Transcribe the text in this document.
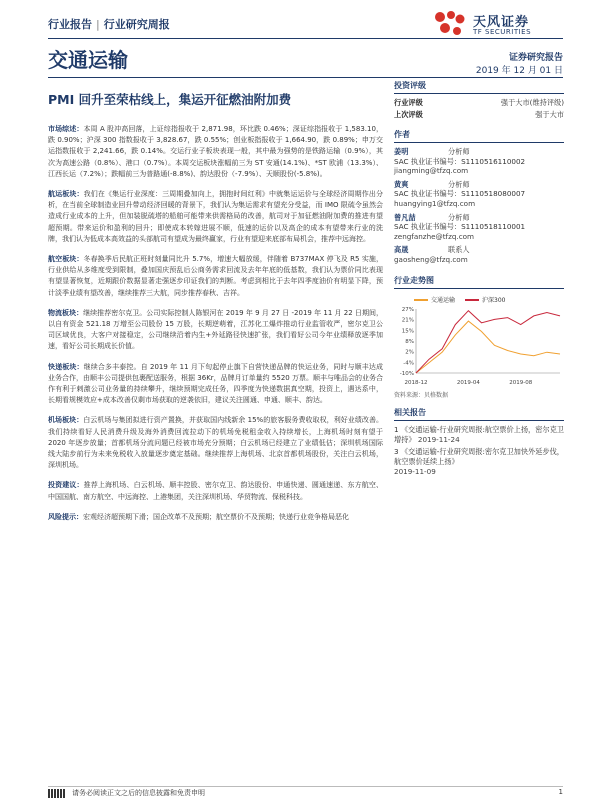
行业报告 | 行业研究周报	天风证券
TF SECURITIES
交通运输	证券研究报告
2019 年 12 月 01 日
PMI 回升至荣枯线上，集运开征燃油附加费

市场综述：本周 A 股冲高回落，上证综指报收于 2,871.98，环比跌 0.46%；深证综指报收于 1,583.10，跌 0.90%；沪深 300 指数报收于 3,828.67，跌 0.55%；创业板指报收于 1,664.90，跌 0.89%；申万交运指数报收于 2,241.66，跌 0.14%。交运行业子板块表现一般，其中最为强势的是铁路运输（0.9%），其次为高速公路（0.8%）、港口（0.7%）。本周交运板块涨幅前三为 ST 安通(14.1%)、*ST 欧浦（13.3%）、江西长运（7.2%）；跌幅前三为普路通(-8.8%)、韵达股份（-7.9%）、天顺股份(-5.8%)。

航运板块：我们在《集运行业深度：三周期叠加向上，拥抱时间红利》中就集运运价与全球经济周期作出分析，在当前全球制造业回升带动经济回暖的背景下，我们认为集运需求有望充分受益，而 IMO 限硫令虽然会造成行业成本的上升，但加装脱硫塔的船舶可能带来供需格局的改善，航司对于加征燃油附加费的推进有望超预期。带来运价和盈利的回升；即使成本转嫁进展不顺，低速的运价以及高企的成本有望带来行业的洗牌，我们认为低成本高效益的头部航司有望成为最终赢家，行业有望迎来底部布局机会，推荐中远海控。

航空板块：冬春换季后民航正班时刻量同比升 5.7%，增速大幅放缓，伴随着 B737MAX 停飞及 R5 实施，行业供给从多维度受到限制，叠加国庆预乱后公商务需求回流及去年年底的低基数，我们认为票价同比表现有望显著恢复，近期跟价数据显著走强逐步印证我们的判断。考虑到相比于去年四季度油价有明显下降，预计淡季业绩有望改善，继续推荐三大航，同步推荐春秋、吉祥。

物流板块：继续推荐密尔克卫。公司实际控制人陈银河在 2019 年 9 月 27 日 -2019 年 11 月 22 日期间，以自有资金 521.18 万增至公司股份 15 万股，长期逆萌着，江苏化工爆炸推动行业监管收严，密尔克卫公司区域优良，大客户对接稳定，公司继续沿着内生+外延路径快速扩张，我们看好公司今年业绩释放逐季加速，看好公司长期成长价值。

快递板块：继续合多丰泰控。自 2019 年 11 月下旬起停止旗下自营快递品牌的快运业务，同时与顺丰达成业务合作，由顺丰公司提供包裹配送服务，根据 36Kr，品牌月订单量约 5520 万票。顺丰与唯品会的业务合作有利于刺激公司业务量的持续攀升，继续预期完成任务，四季度为快递数据真空期，投资上，遇达系中，长期看规模效应+成本改善仅剩市场获取的逆袭依旧，建议关注圆通、申通、顺丰、韵达。

机场板块：白云机场与集团拟进行资产置换，并获取国内线新余 15%的旅客服务费收取权，利好业绩改善。我们持续看好人民消费升级及海外消费回流拉动下的机场免税租金收入持续增长，上海机场时刻有望于 2020 年逐步放量；首都机场分流问题已经被市场充分预期；白云机场已经建立了业绩低估；深圳机场国际线大陆步前行为未来免税收入放量逐步奠定基础。继续推荐上海机场、北京首都机场股份，关注白云机场，深圳机场。

投资建议：推荐上海机场、白云机场、顺丰控股、密尔克卫、韵达股份、申通快递、圆通速递、东方航空、中国国航、南方航空、中远海控、上港集团，关注深圳机场、华贸物流、保税科技。

风险提示：宏观经济超预期下滑；国企改革不及预期；航空票价不及预期；快递行业竞争格局恶化

投资评级
行业评级	强于大市(维持评级)
上次评级	强于大市
作者
姜明	分析师
SAC 执业证书编号：S1110516110002
jiangming@tfzq.com
黄爽	分析师
SAC 执业证书编号：S1110518080007
huangying1@tfzq.com
曾凡喆	分析师
SAC 执业证书编号：S1110518110001
zengfanzhe@tfzq.com
高晟	联系人
gaosheng@tfzq.com
行业走势图
交通运输	沪深300
-10%
-4%
2%
8%
15%
21%
27%
2018-12	2019-04	2019-08
资料来源：贝格数据
相关报告
1 《交通运输-行业研究周报:航空票价上扬，密尔克卫增持》 2019-11-24
3 《交通运输-行业研究周报:密尔克卫加快外延步伐，航空票价延续上扬》
2019-11-09
请务必阅读正文之后的信息披露和免责申明	1
